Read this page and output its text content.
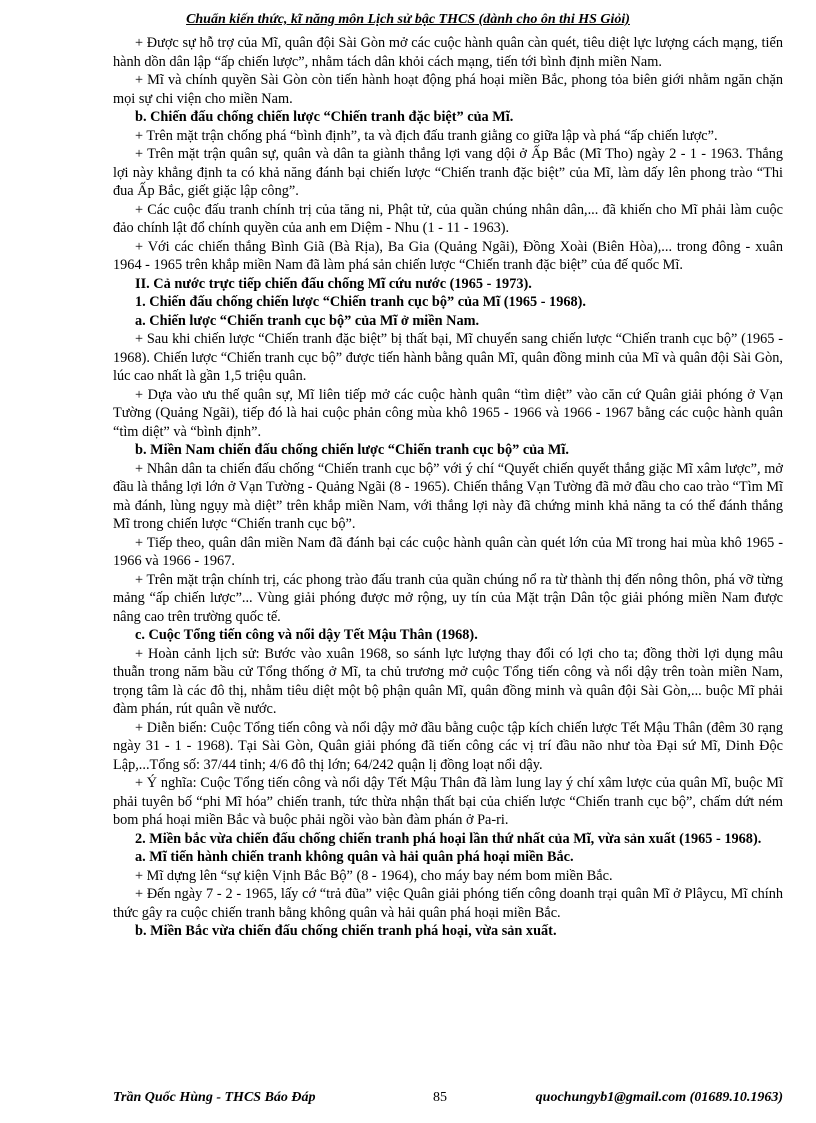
Chuẩn kiến thức, kĩ năng môn Lịch sử bậc THCS (dành cho ôn thi HS Giỏi)

+ Được sự hỗ trợ của Mĩ, quân đội Sài Gòn mở các cuộc hành quân càn quét, tiêu diệt lực lượng cách mạng, tiến hành dồn dân lập “ấp chiến lược”, nhằm tách dân khỏi cách mạng, tiến tới bình định miền Nam.

+ Mĩ và chính quyền Sài Gòn còn tiến hành hoạt động phá hoại miền Bắc, phong tỏa biên giới nhằm ngăn chặn mọi sự chi viện cho miền Nam.

b. Chiến đấu chống chiến lược “Chiến tranh đặc biệt” của Mĩ.

+ Trên mặt trận chống phá “bình định”, ta và địch đấu tranh giằng co giữa lập và phá “ấp chiến lược”.

+ Trên mặt trận quân sự, quân và dân ta giành thắng lợi vang dội ở Ấp Bắc (Mĩ Tho) ngày 2 - 1 - 1963. Thắng lợi này khẳng định ta có khả năng đánh bại chiến lược “Chiến tranh đặc biệt” của Mĩ, làm dấy lên phong trào “Thi đua Ấp Bắc, giết giặc lập công”.

+ Các cuộc đấu tranh chính trị của tăng ni, Phật tử, của quần chúng nhân dân,... đã khiến cho Mĩ phải làm cuộc đảo chính lật đổ chính quyền của anh em Diệm - Nhu (1 - 11 - 1963).

+ Với các chiến thắng Bình Giã (Bà Rịa), Ba Gia (Quảng Ngãi), Đồng Xoài (Biên Hòa),... trong đông - xuân 1964 - 1965 trên khắp miền Nam đã làm phá sản chiến lược “Chiến tranh đặc biệt” của đế quốc Mĩ.

II. Cả nước trực tiếp chiến đấu chống Mĩ cứu nước (1965 - 1973).

1. Chiến đấu chống chiến lược “Chiến tranh cục bộ” của Mĩ (1965 - 1968).

a. Chiến lược “Chiến tranh cục bộ” của Mĩ ở miền Nam.

+ Sau khi chiến lược “Chiến tranh đặc biệt” bị thất bại, Mĩ chuyển sang chiến lược “Chiến tranh cục bộ” (1965 - 1968). Chiến lược “Chiến tranh cục bộ” được tiến hành bằng quân Mĩ, quân đồng minh của Mĩ và quân đội Sài Gòn, lúc cao nhất là gần 1,5 triệu quân.

+ Dựa vào ưu thế quân sự, Mĩ liên tiếp mở các cuộc hành quân “tìm diệt” vào căn cứ Quân giải phóng ở Vạn Tường (Quảng Ngãi), tiếp đó là hai cuộc phản công mùa khô 1965 - 1966 và 1966 - 1967 bằng các cuộc hành quân “tìm diệt” và “bình định”.

b. Miền Nam chiến đấu chống chiến lược “Chiến tranh cục bộ” của Mĩ.

+ Nhân dân ta chiến đấu chống “Chiến tranh cục bộ” với ý chí “Quyết chiến quyết thắng giặc Mĩ xâm lược”, mở đầu là thắng lợi lớn ở Vạn Tường - Quảng Ngãi (8 - 1965). Chiến thắng Vạn Tường đã mở đầu cho cao trào “Tìm Mĩ mà đánh, lùng ngụy mà diệt” trên khắp miền Nam, với thắng lợi này đã chứng minh khả năng ta có thể đánh thắng Mĩ trong chiến lược “Chiến tranh cục bộ”.

+ Tiếp theo, quân dân miền Nam đã đánh bại các cuộc hành quân càn quét lớn của Mĩ trong hai mùa khô 1965 - 1966 và 1966 - 1967.

+ Trên mặt trận chính trị, các phong trào đấu tranh của quần chúng nổ ra từ thành thị đến nông thôn, phá vỡ từng mảng “ấp chiến lược”... Vùng giải phóng được mở rộng, uy tín của Mặt trận Dân tộc giải phóng miền Nam được nâng cao trên trường quốc tế.

c. Cuộc Tổng tiến công và nổi dậy Tết Mậu Thân (1968).

+ Hoàn cảnh lịch sử: Bước vào xuân 1968, so sánh lực lượng thay đổi có lợi cho ta; đồng thời lợi dụng mâu thuẫn trong năm bầu cử Tổng thống ở Mĩ, ta chủ trương mở cuộc Tổng tiến công và nổi dậy trên toàn miền Nam, trọng tâm là các đô thị, nhằm tiêu diệt một bộ phận quân Mĩ, quân đồng minh và quân đội Sài Gòn,... buộc Mĩ phải đàm phán, rút quân về nước.

+ Diễn biến: Cuộc Tổng tiến công và nổi dậy mở đầu bằng cuộc tập kích chiến lược Tết Mậu Thân (đêm 30 rạng ngày 31 - 1 - 1968). Tại Sài Gòn, Quân giải phóng đã tiến công các vị trí đầu não như tòa Đại sứ Mĩ, Dinh Độc Lập,...Tổng số: 37/44 tỉnh; 4/6 đô thị lớn; 64/242 quận lị đồng loạt nổi dậy.

+ Ý nghĩa: Cuộc Tổng tiến công và nổi dậy Tết Mậu Thân đã làm lung lay ý chí xâm lược của quân Mĩ, buộc Mĩ phải tuyên bố “phi Mĩ hóa” chiến tranh, tức thừa nhận thất bại của chiến lược “Chiến tranh cục bộ”, chấm dứt ném bom phá hoại miền Bắc và buộc phải ngồi vào bàn đàm phán ở Pa-ri.

2. Miền bắc vừa chiến đấu chống chiến tranh phá hoại lần thứ nhất của Mĩ, vừa sản xuất (1965 - 1968).

a. Mĩ tiến hành chiến tranh không quân và hải quân phá hoại miền Bắc.

+ Mĩ dựng lên “sự kiện Vịnh Bắc Bộ” (8 - 1964), cho máy bay ném bom miền Bắc.

+ Đến ngày 7 - 2 - 1965, lấy cớ “trả đũa” việc Quân giải phóng tiến công doanh trại quân Mĩ ở Plâycu, Mĩ chính thức gây ra cuộc chiến tranh bằng không quân và hải quân phá hoại miền Bắc.

b. Miền Bắc vừa chiến đấu chống chiến tranh phá hoại, vừa sản xuất.

Trần Quốc Hùng - THCS Báo Đáp	85	quochungyb1@gmail.com (01689.10.1963)
